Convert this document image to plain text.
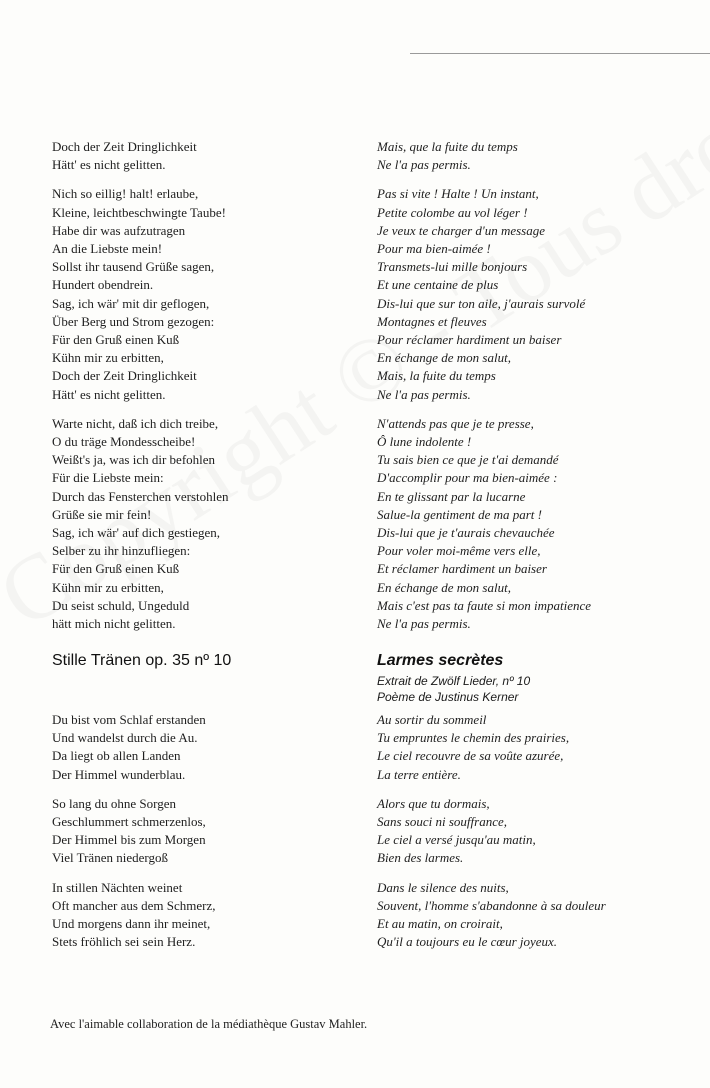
Doch der Zeit Dringlichkeit
Hätt' es nicht gelitten.
Nich so eillig! halt! erlaube,
Kleine, leichtbeschwingte Taube!
Habe dir was aufzutragen
An die Liebste mein!
Sollst ihr tausend Grüße sagen,
Hundert obendrein.
Sag, ich wär' mit dir geflogen,
Über Berg und Strom gezogen:
Für den Gruß einen Kuß
Kühn mir zu erbitten,
Doch der Zeit Dringlichkeit
Hätt' es nicht gelitten.
Warte nicht, daß ich dich treibe,
O du träge Mondesscheibe!
Weißt's ja, was ich dir befohlen
Für die Liebste mein:
Durch das Fensterchen verstohlen
Grüße sie mir fein!
Sag, ich wär' auf dich gestiegen,
Selber zu ihr hinzufliegen:
Für den Gruß einen Kuß
Kühn mir zu erbitten,
Du seist schuld, Ungeduld
hätt mich nicht gelitten.
Mais, que la fuite du temps
Ne l'a pas permis.
Pas si vite ! Halte ! Un instant,
Petite colombe au vol léger !
Je veux te charger d'un message
Pour ma bien-aimée !
Transmets-lui mille bonjours
Et une centaine de plus
Dis-lui que sur ton aile, j'aurais survolé
Montagnes et fleuves
Pour réclamer hardiment un baiser
En échange de mon salut,
Mais, la fuite du temps
Ne l'a pas permis.
N'attends pas que je te presse,
Ô lune indolente !
Tu sais bien ce que je t'ai demandé
D'accomplir pour ma bien-aimée :
En te glissant par la lucarne
Salue-la gentiment de ma part !
Dis-lui que je t'aurais chevauchée
Pour voler moi-même vers elle,
Et réclamer hardiment un baiser
En échange de mon salut,
Mais c'est pas ta faute si mon impatience
Ne l'a pas permis.
Stille Tränen op. 35 nº 10	Larmes secrètes
Extrait de Zwölf Lieder, nº 10
Poème de Justinus Kerner
Du bist vom Schlaf erstanden
Und wandelst durch die Au.
Da liegt ob allen Landen
Der Himmel wunderblau.
So lang du ohne Sorgen
Geschlummert schmerzenlos,
Der Himmel bis zum Morgen
Viel Tränen niedergoß
In stillen Nächten weinet
Oft mancher aus dem Schmerz,
Und morgens dann ihr meinet,
Stets fröhlich sei sein Herz.
Au sortir du sommeil
Tu empruntes le chemin des prairies,
Le ciel recouvre de sa voûte azurée,
La terre entière.
Alors que tu dormais,
Sans souci ni souffrance,
Le ciel a versé jusqu'au matin,
Bien des larmes.
Dans le silence des nuits,
Souvent, l'homme s'abandonne à sa douleur
Et au matin, on croirait,
Qu'il a toujours eu le cœur joyeux.
Avec l'aimable collaboration de la médiathèque Gustav Mahler.
